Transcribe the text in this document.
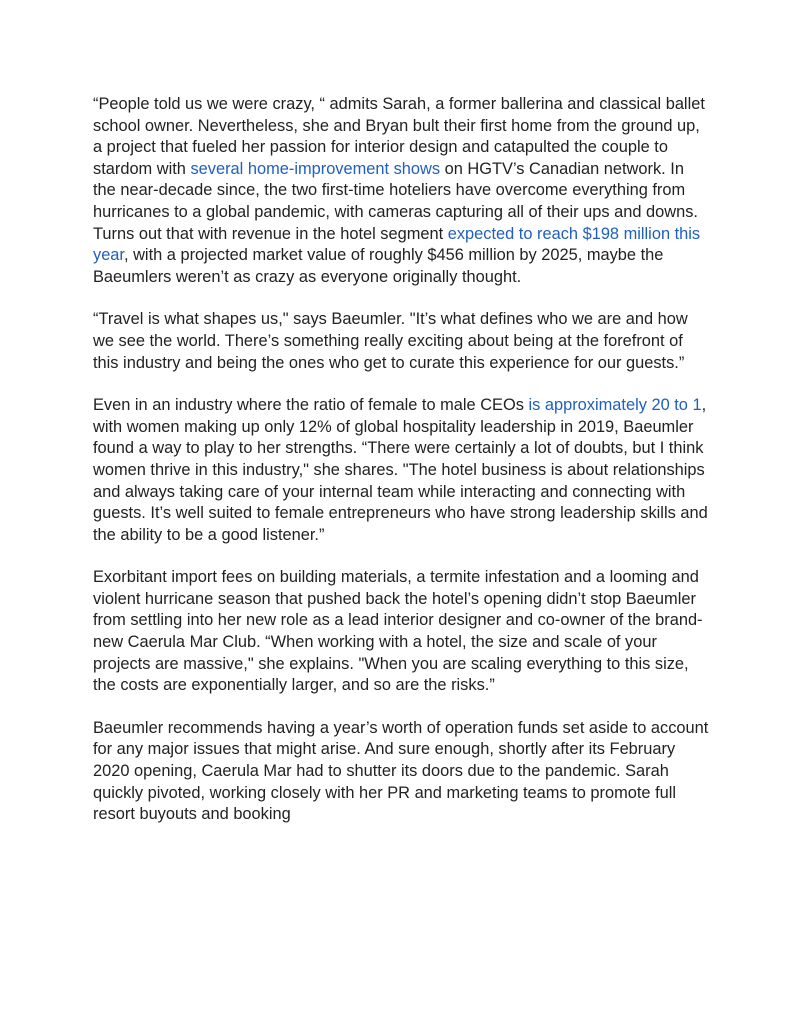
“People told us we were crazy, “ admits Sarah, a former ballerina and classical ballet school owner. Nevertheless, she and Bryan bult their first home from the ground up, a project that fueled her passion for interior design and catapulted the couple to stardom with several home-improvement shows on HGTV’s Canadian network. In the near-decade since, the two first-time hoteliers have overcome everything from hurricanes to a global pandemic, with cameras capturing all of their ups and downs. Turns out that with revenue in the hotel segment expected to reach $198 million this year, with a projected market value of roughly $456 million by 2025, maybe the Baeumlers weren’t as crazy as everyone originally thought.

“Travel is what shapes us," says Baeumler. "It’s what defines who we are and how we see the world. There’s something really exciting about being at the forefront of this industry and being the ones who get to curate this experience for our guests.”

Even in an industry where the ratio of female to male CEOs is approximately 20 to 1, with women making up only 12% of global hospitality leadership in 2019, Baeumler found a way to play to her strengths. “There were certainly a lot of doubts, but I think women thrive in this industry," she shares. "The hotel business is about relationships and always taking care of your internal team while interacting and connecting with guests. It’s well suited to female entrepreneurs who have strong leadership skills and the ability to be a good listener.”

Exorbitant import fees on building materials, a termite infestation and a looming and violent hurricane season that pushed back the hotel’s opening didn’t stop Baeumler from settling into her new role as a lead interior designer and co-owner of the brand-new Caerula Mar Club. “When working with a hotel, the size and scale of your projects are massive," she explains. "When you are scaling everything to this size, the costs are exponentially larger, and so are the risks.”

Baeumler recommends having a year’s worth of operation funds set aside to account for any major issues that might arise. And sure enough, shortly after its February 2020 opening, Caerula Mar had to shutter its doors due to the pandemic. Sarah quickly pivoted, working closely with her PR and marketing teams to promote full resort buyouts and booking
